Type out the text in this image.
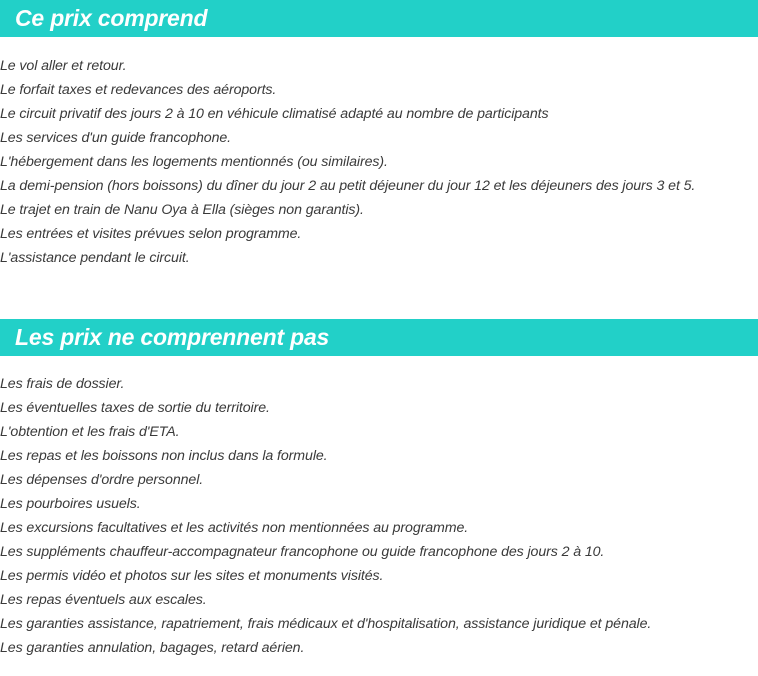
Ce prix comprend
Le vol aller et retour.
Le forfait taxes et redevances des aéroports.
Le circuit privatif des jours 2 à 10 en véhicule climatisé adapté au nombre de participants
Les services d'un guide francophone.
L'hébergement dans les logements mentionnés (ou similaires).
La demi-pension (hors boissons) du dîner du jour 2 au petit déjeuner du jour 12 et les déjeuners des jours 3 et 5.
Le trajet en train de Nanu Oya à Ella (sièges non garantis).
Les entrées et visites prévues selon programme.
L'assistance pendant le circuit.
Les prix ne comprennent pas
Les frais de dossier.
Les éventuelles taxes de sortie du territoire.
L'obtention et les frais d'ETA.
Les repas et les boissons non inclus dans la formule.
Les dépenses d'ordre personnel.
Les pourboires usuels.
Les excursions facultatives et les activités non mentionnées au programme.
Les suppléments chauffeur-accompagnateur francophone ou guide francophone des jours 2 à 10.
Les permis vidéo et photos sur les sites et monuments visités.
Les repas éventuels aux escales.
Les garanties assistance, rapatriement, frais médicaux et d'hospitalisation, assistance juridique et pénale.
Les garanties annulation, bagages, retard aérien.
